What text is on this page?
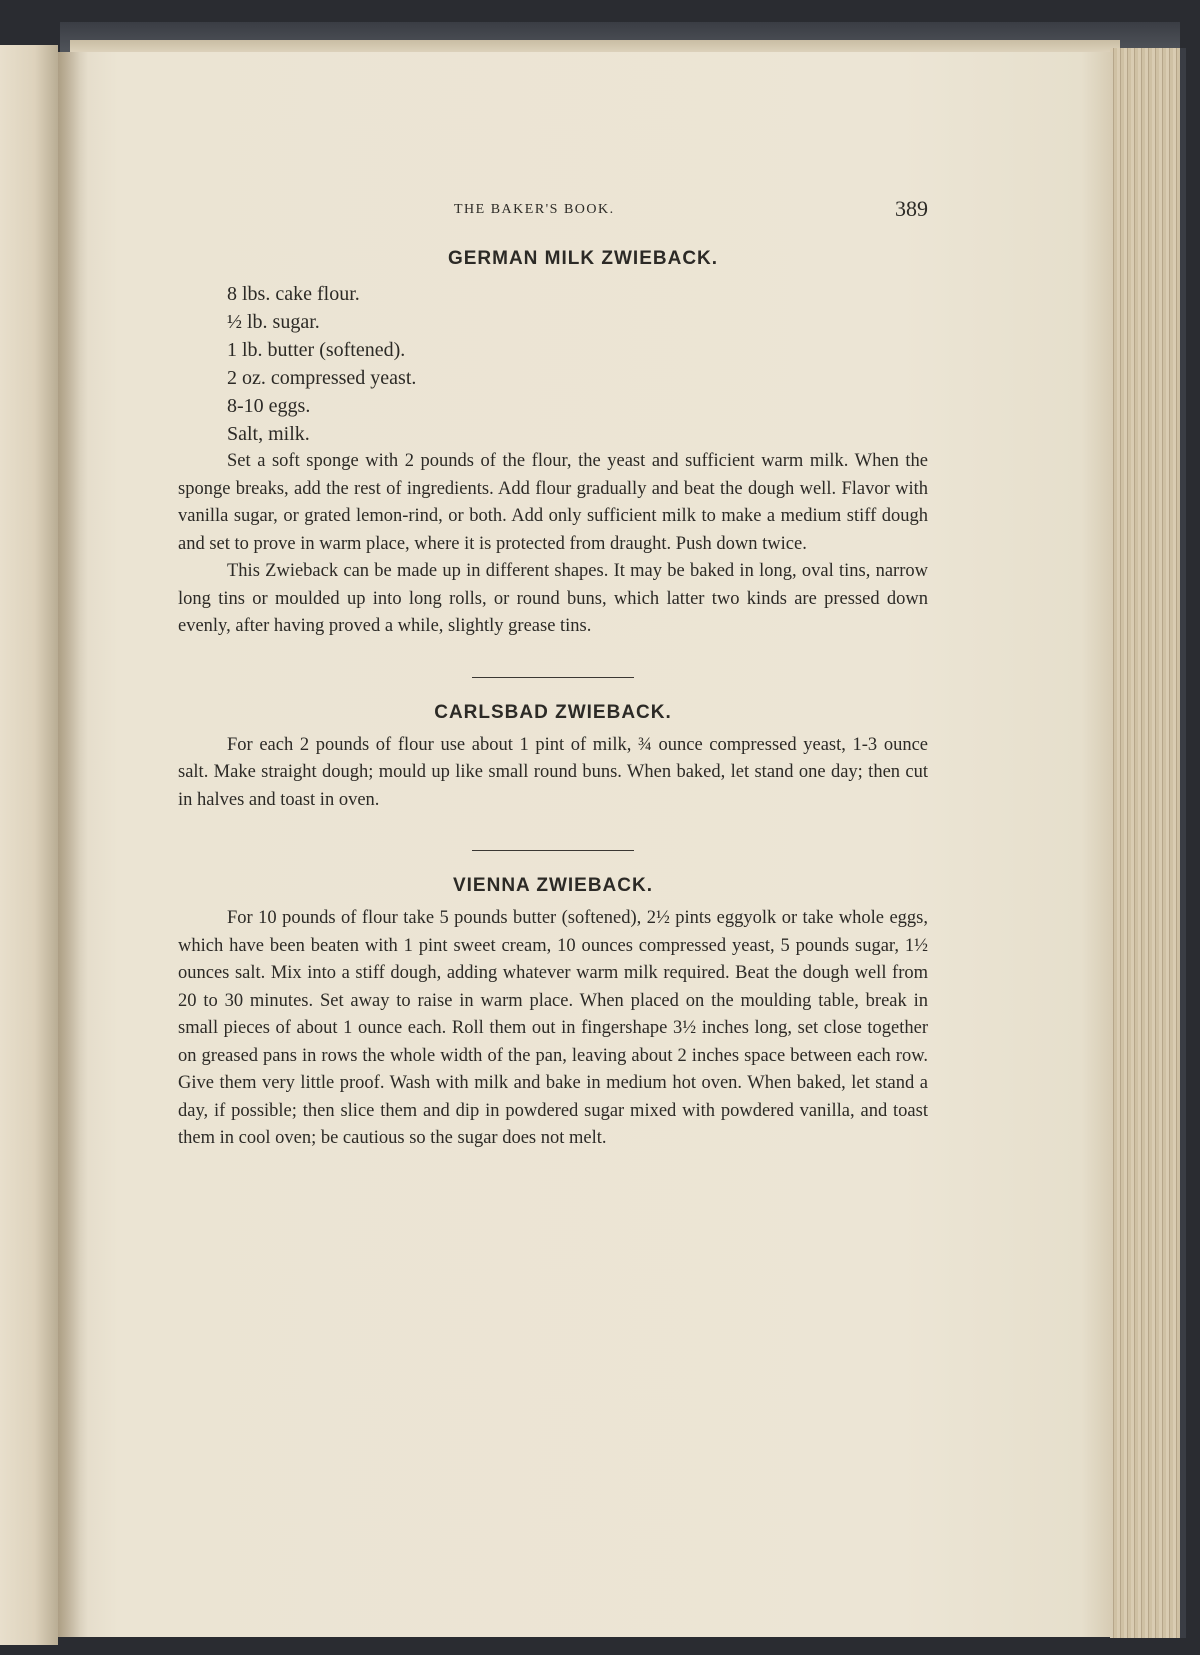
THE BAKER'S BOOK.	389
GERMAN MILK ZWIEBACK.
8 lbs. cake flour.
½ lb. sugar.
1 lb. butter (softened).
2 oz. compressed yeast.
8-10 eggs.
Salt, milk.

Set a soft sponge with 2 pounds of the flour, the yeast and sufficient warm milk. When the sponge breaks, add the rest of ingredients. Add flour gradually and beat the dough well. Flavor with vanilla sugar, or grated lemon-rind, or both. Add only sufficient milk to make a medium stiff dough and set to prove in warm place, where it is protected from draught. Push down twice.

This Zwieback can be made up in different shapes. It may be baked in long, oval tins, narrow long tins or moulded up into long rolls, or round buns, which latter two kinds are pressed down evenly, after having proved a while, slightly grease tins.

CARLSBAD ZWIEBACK.

For each 2 pounds of flour use about 1 pint of milk, ¾ ounce compressed yeast, 1-3 ounce salt. Make straight dough; mould up like small round buns. When baked, let stand one day; then cut in halves and toast in oven.

VIENNA ZWIEBACK.

For 10 pounds of flour take 5 pounds butter (softened), 2½ pints eggyolk or take whole eggs, which have been beaten with 1 pint sweet cream, 10 ounces compressed yeast, 5 pounds sugar, 1½ ounces salt. Mix into a stiff dough, adding whatever warm milk required. Beat the dough well from 20 to 30 minutes. Set away to raise in warm place. When placed on the moulding table, break in small pieces of about 1 ounce each. Roll them out in fingershape 3½ inches long, set close together on greased pans in rows the whole width of the pan, leaving about 2 inches space between each row. Give them very little proof. Wash with milk and bake in medium hot oven. When baked, let stand a day, if possible; then slice them and dip in powdered sugar mixed with powdered vanilla, and toast them in cool oven; be cautious so the sugar does not melt.
